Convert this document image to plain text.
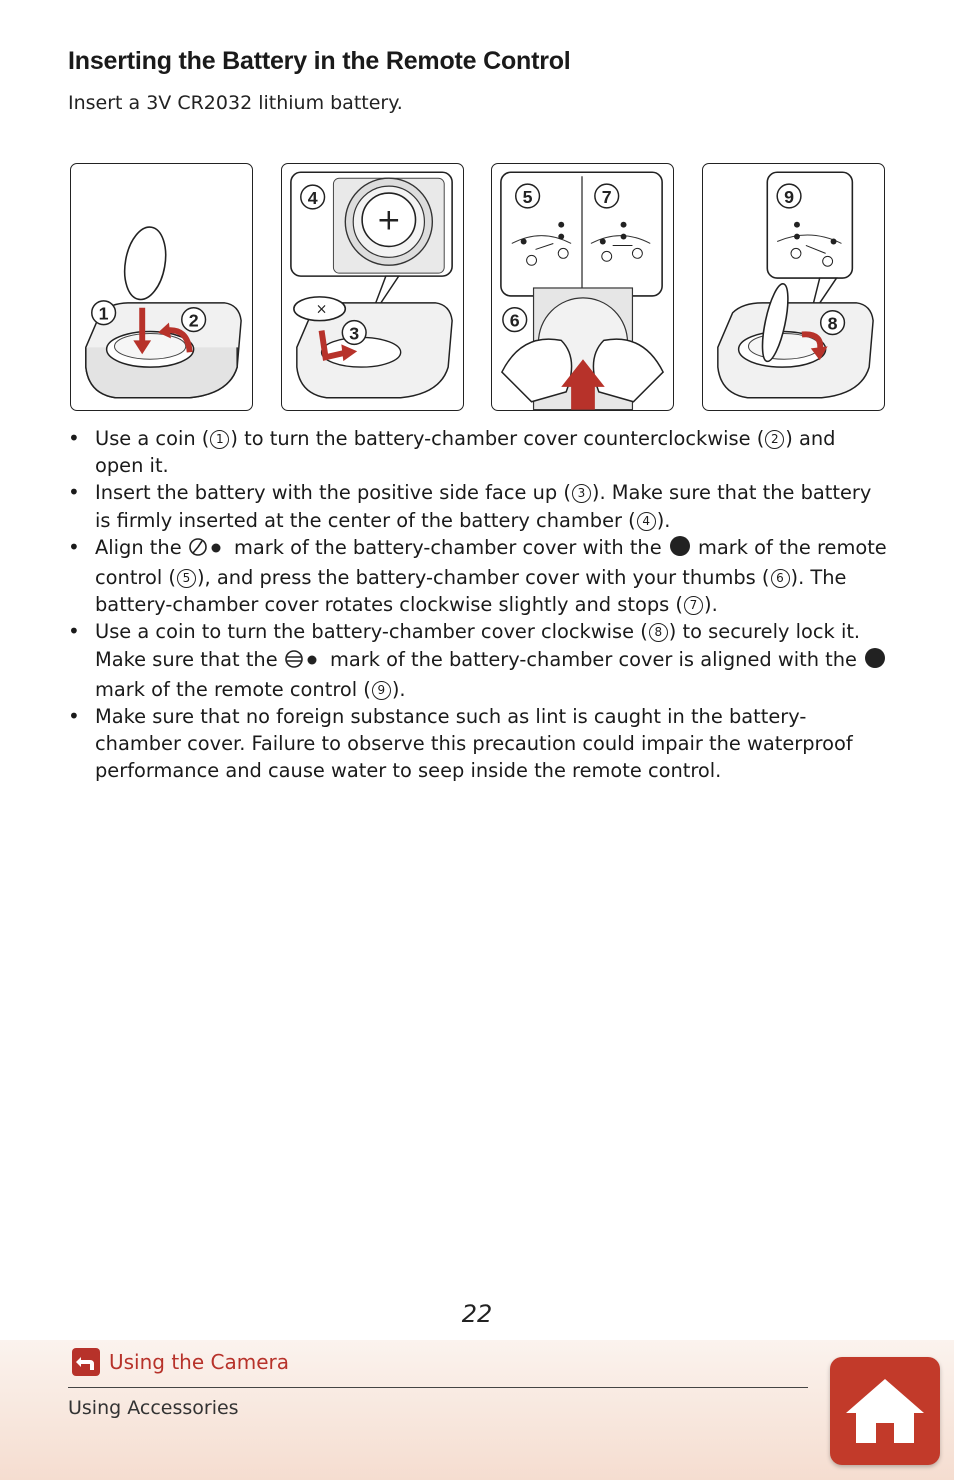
Inserting the Battery in the Remote Control

Insert a 3V CR2032 lithium battery.

1	2
+
×
3
4	5	7
6
9
8
• Use a coin ( 1 ) to turn the battery-chamber cover counterclockwise ( 2 ) and open it.
• Insert the battery with the positive side face up ( 3 ). Make sure that the battery is firmly inserted at the center of the battery chamber ( 4 ).
• Align the  mark of the battery-chamber cover with the  mark of the remote control ( 5 ), and press the battery-chamber cover with your thumbs ( 6 ). The battery-chamber cover rotates clockwise slightly and stops ( 7 ).
• Use a coin to turn the battery-chamber cover clockwise ( 8 ) to securely lock it. Make sure that the  mark of the battery-chamber cover is aligned with the  mark of the remote control ( 9 ).
• Make sure that no foreign substance such as lint is caught in the battery-chamber cover. Failure to observe this precaution could impair the waterproof performance and cause water to seep inside the remote control.
22
Using the Camera
Using Accessories
